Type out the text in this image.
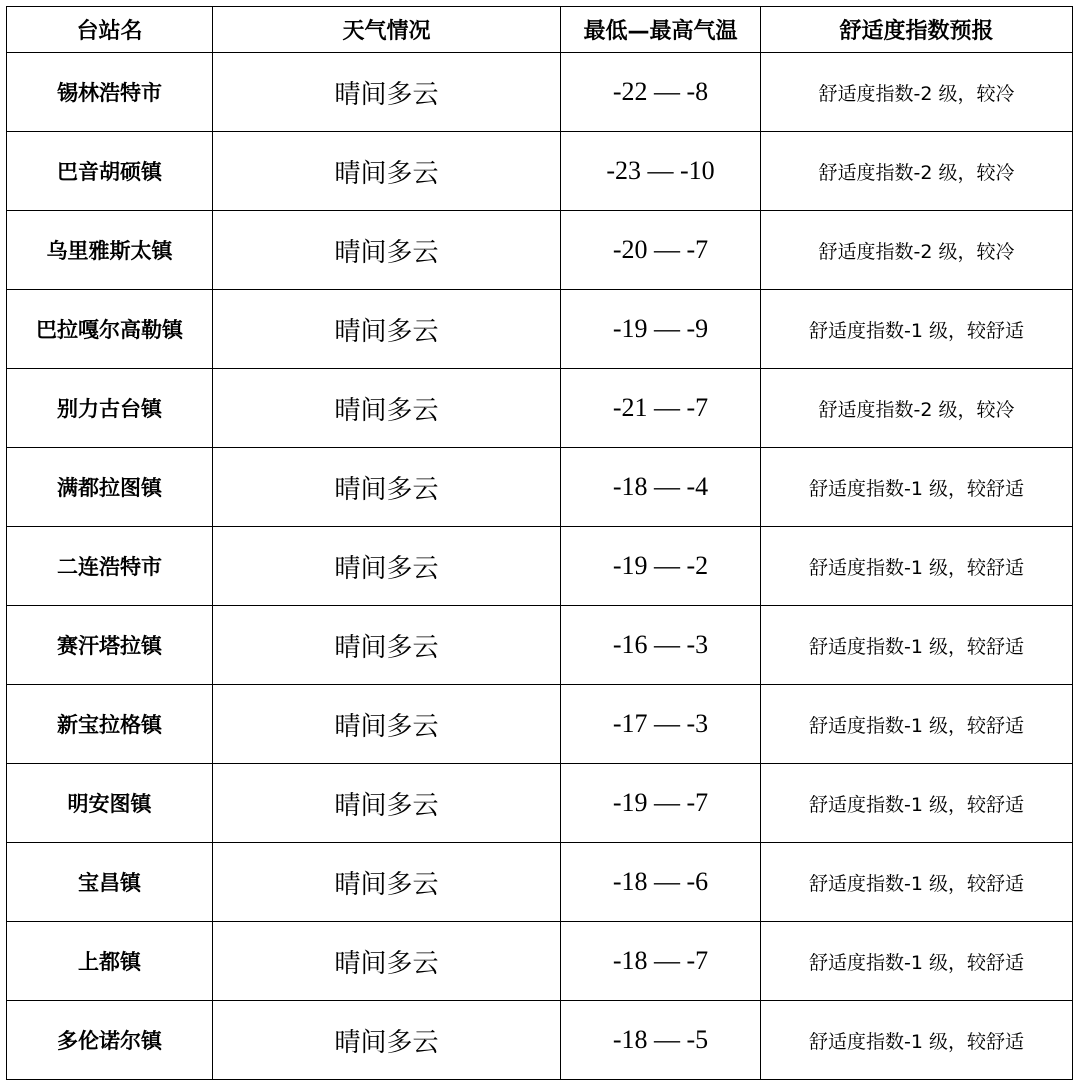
台站名	天气情况	最低—最高气温	舒适度指数预报
锡林浩特市	晴间多云	-22 — -8	舒适度指数-2 级，较冷
巴音胡硕镇	晴间多云	-23 — -10	舒适度指数-2 级，较冷
乌里雅斯太镇	晴间多云	-20 — -7	舒适度指数-2 级，较冷
巴拉嘎尔高勒镇	晴间多云	-19 — -9	舒适度指数-1 级，较舒适
别力古台镇	晴间多云	-21 — -7	舒适度指数-2 级，较冷
满都拉图镇	晴间多云	-18 — -4	舒适度指数-1 级，较舒适
二连浩特市	晴间多云	-19 — -2	舒适度指数-1 级，较舒适
赛汗塔拉镇	晴间多云	-16 — -3	舒适度指数-1 级，较舒适
新宝拉格镇	晴间多云	-17 — -3	舒适度指数-1 级，较舒适
明安图镇	晴间多云	-19 — -7	舒适度指数-1 级，较舒适
宝昌镇	晴间多云	-18 — -6	舒适度指数-1 级，较舒适
上都镇	晴间多云	-18 — -7	舒适度指数-1 级，较舒适
多伦诺尔镇	晴间多云	-18 — -5	舒适度指数-1 级，较舒适
